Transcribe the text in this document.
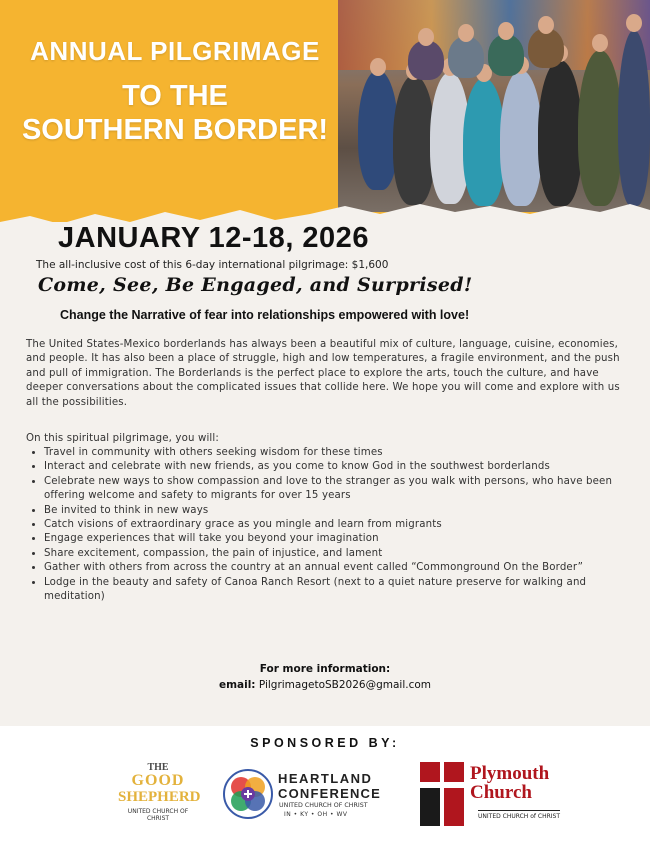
ANNUAL PILGRIMAGE

TO THE

SOUTHERN BORDER!

JANUARY 12-18, 2026
The all-inclusive cost of this 6-day international pilgrimage: $1,600
Come, See, Be Engaged, and Surprised!
Change the Narrative of fear into relationships empowered with love!
The United States-Mexico borderlands has always been a beautiful mix of culture, language, cuisine, economies, and people. It has also been a place of struggle, high and low temperatures, a fragile environment, and the push and pull of immigration. The Borderlands is the perfect place to explore the arts, touch the culture, and have deeper conversations about the complicated issues that collide here. We hope you will come and explore with us all the possibilities.
On this spiritual pilgrimage, you will:
• Travel in community with others seeking wisdom for these times
• Interact and celebrate with new friends, as you come to know God in the southwest borderlands
• Celebrate new ways to show compassion and love to the stranger as you walk with persons, who have been offering welcome and safety to migrants for over 15 years
• Be invited to think in new ways
• Catch visions of extraordinary grace as you mingle and learn from migrants
• Engage experiences that will take you beyond your imagination
• Share excitement, compassion, the pain of injustice, and lament
• Gather with others from across the country at an annual event called “Commonground On the Border”
• Lodge in the beauty and safety of Canoa Ranch Resort (next to a quiet nature preserve for walking and meditation)
For more information:
email: PilgrimagetoSB2026@gmail.com
SPONSORED BY:
THE
GOOD
SHEPHERD
UNITED CHURCH OF CHRIST
HEARTLAND
CONFERENCE
UNITED CHURCH OF CHRIST
IN • KY • OH • WV
Plymouth
Church
UNITED CHURCH of CHRIST
